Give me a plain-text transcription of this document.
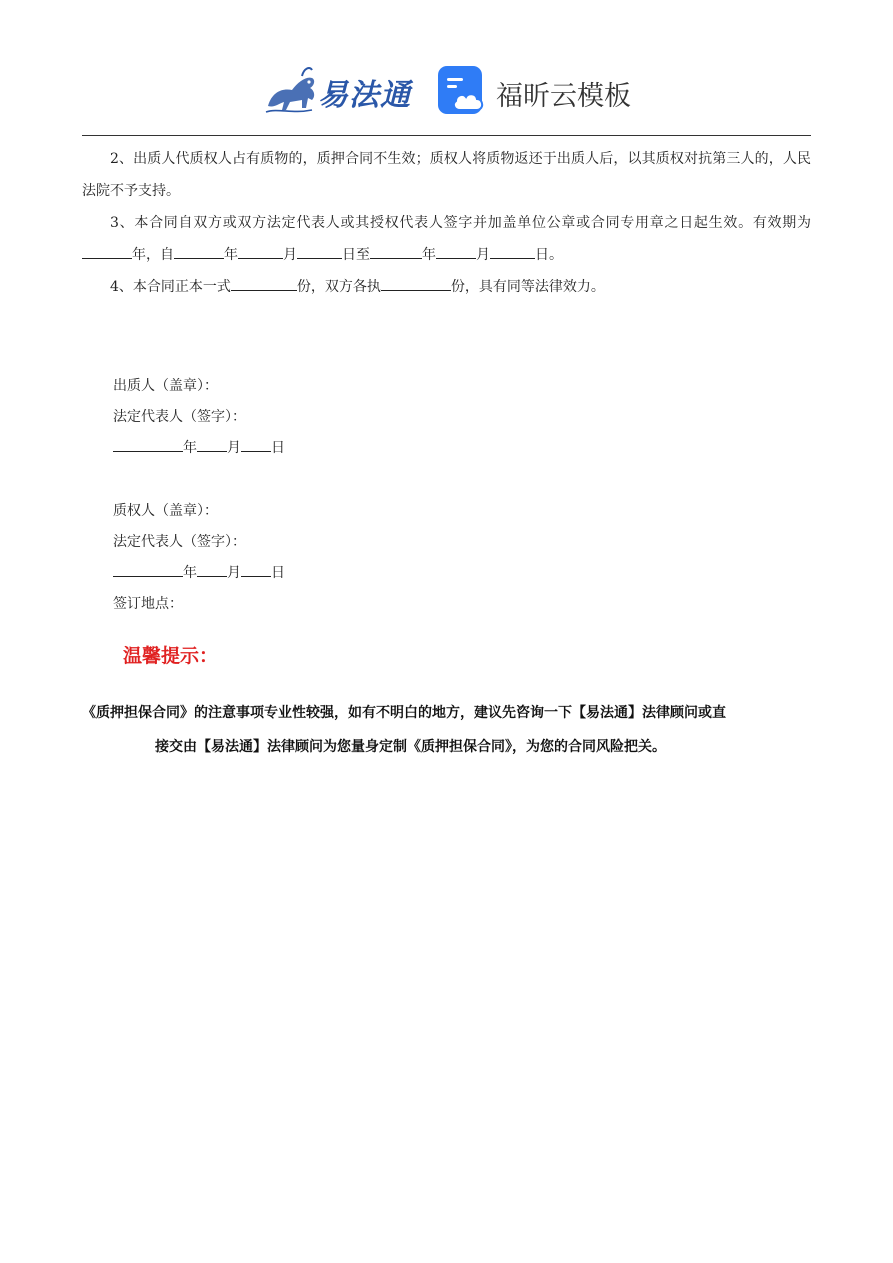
易法通	福昕云模板

2、出质人代质权人占有质物的，质押合同不生效；质权人将质物返还于出质人后，以其质权对抗第三人的，人民法院不予支持。

3、本合同自双方或双方法定代表人或其授权代表人签字并加盖单位公章或合同专用章之日起生效。有效期为年，自	年	月	日至	年	月	日。

4、本合同正本一式	份，双方各执	份，具有同等法律效力。

出质人（盖章）：

法定代表人（签字）：

年 月 日

质权人（盖章）：

法定代表人（签字）：

年 月 日

签订地点：

温馨提示：
《质押担保合同》的注意事项专业性较强，如有不明白的地方，建议先咨询一下【易法通】法律顾问或直
接交由【易法通】法律顾问为您量身定制《质押担保合同》，为您的合同风险把关。
